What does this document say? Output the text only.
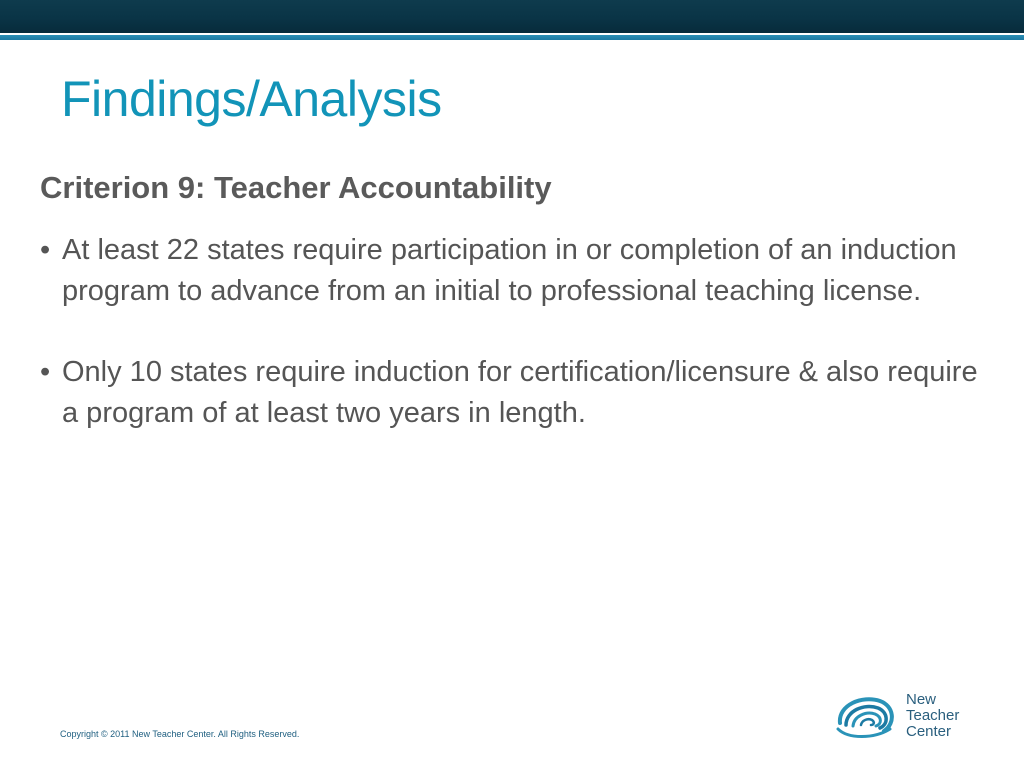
Findings/Analysis
Criterion 9: Teacher Accountability
• At least 22 states require participation in or completion of an induction program to advance from an initial to professional teaching license.
• Only 10 states require induction for certification/licensure & also require a program of at least two years in length.
Copyright © 2011 New Teacher Center. All Rights Reserved.
New
Teacher
Center
